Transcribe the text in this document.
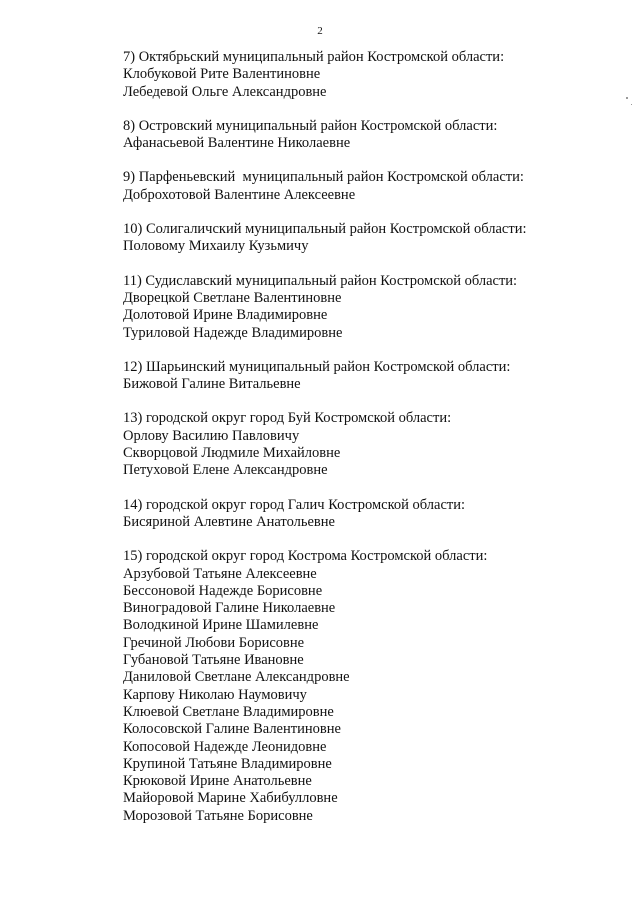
2
7) Октябрьский муниципальный район Костромской области:
Клобуковой Рите Валентиновне
Лебедевой Ольге Александровне
8) Островский муниципальный район Костромской области:
Афанасьевой Валентине Николаевне
9) Парфеньевский  муниципальный район Костромской области:
Доброхотовой Валентине Алексеевне
10) Солигаличский муниципальный район Костромской области:
Половому Михаилу Кузьмичу
11) Судиславский муниципальный район Костромской области:
Дворецкой Светлане Валентиновне
Долотовой Ирине Владимировне
Туриловой Надежде Владимировне
12) Шарьинский муниципальный район Костромской области:
Бижовой Галине Витальевне
13) городской округ город Буй Костромской области:
Орлову Василию Павловичу
Скворцовой Людмиле Михайловне
Петуховой Елене Александровне
14) городской округ город Галич Костромской области:
Бисяриной Алевтине Анатольевне
15) городской округ город Кострома Костромской области:
Арзубовой Татьяне Алексеевне
Бессоновой Надежде Борисовне
Виноградовой Галине Николаевне
Володкиной Ирине Шамилевне
Гречиной Любови Борисовне
Губановой Татьяне Ивановне
Даниловой Светлане Александровне
Карпову Николаю Наумовичу
Клюевой Светлане Владимировне
Колосовской Галине Валентиновне
Копосовой Надежде Леонидовне
Крупиной Татьяне Владимировне
Крюковой Ирине Анатольевне
Майоровой Марине Хабибулловне
Морозовой Татьяне Борисовне
